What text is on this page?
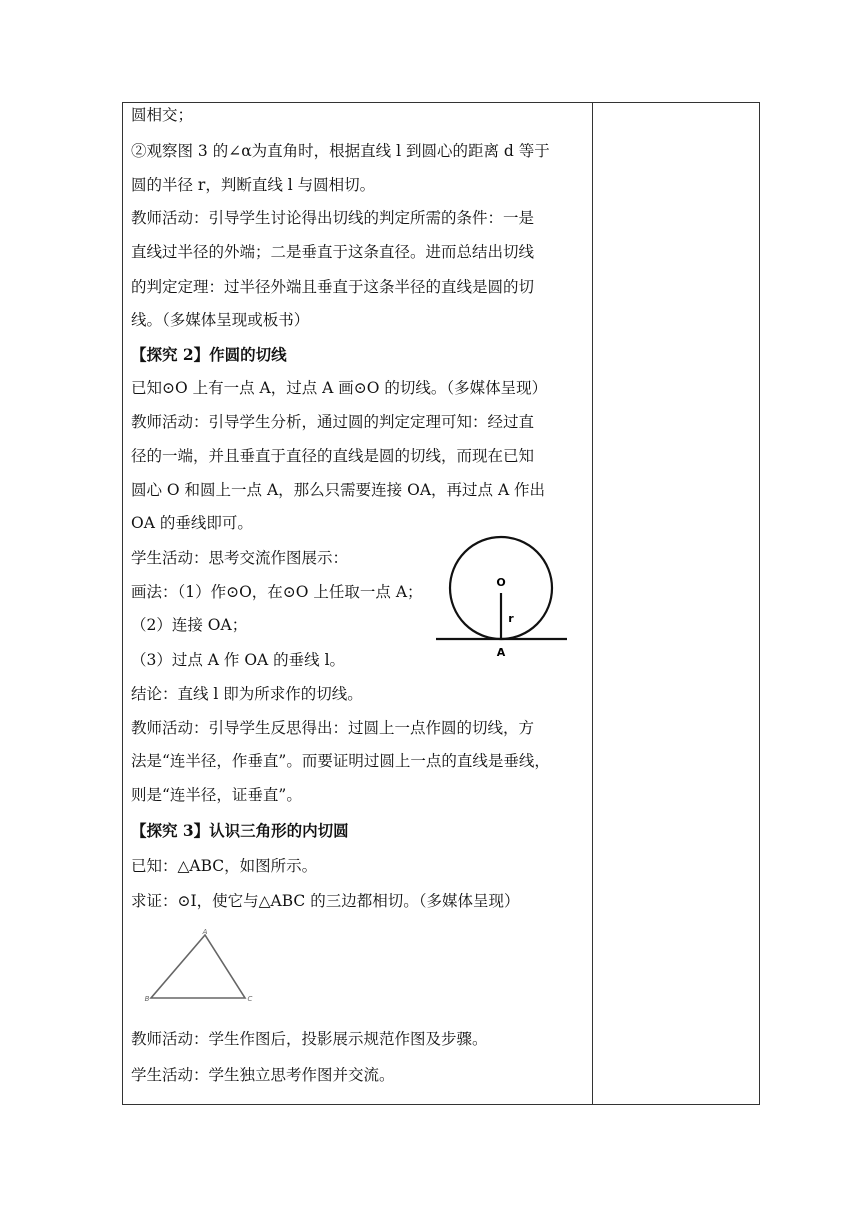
圆相交；
②观察图 3 的∠α为直角时，根据直线 l 到圆心的距离 d 等于
圆的半径 r，判断直线 l 与圆相切。
教师活动：引导学生讨论得出切线的判定所需的条件：一是
直线过半径的外端；二是垂直于这条直径。进而总结出切线
的判定定理：过半径外端且垂直于这条半径的直线是圆的切
线。（多媒体呈现或板书）
【探究 2】作圆的切线
已知⊙O 上有一点 A，过点 A 画⊙O 的切线。（多媒体呈现）
教师活动：引导学生分析，通过圆的判定定理可知：经过直
径的一端，并且垂直于直径的直线是圆的切线，而现在已知
圆心 O 和圆上一点 A，那么只需要连接 OA，再过点 A 作出
OA 的垂线即可。
学生活动：思考交流作图展示：
画法：（1）作⊙O，在⊙O 上任取一点 A；
（2）连接 OA；
（3）过点 A 作 OA 的垂线 l。
结论：直线 l 即为所求作的切线。
教师活动：引导学生反思得出：过圆上一点作圆的切线，方
法是“连半径，作垂直”。而要证明过圆上一点的直线是垂线，
则是“连半径，证垂直”。
【探究 3】认识三角形的内切圆
已知：△ABC，如图所示。
求证：⊙I，使它与△ABC 的三边都相切。（多媒体呈现）
教师活动：学生作图后，投影展示规范作图及步骤。
学生活动：学生独立思考作图并交流。
O
r
A
A
B	C
